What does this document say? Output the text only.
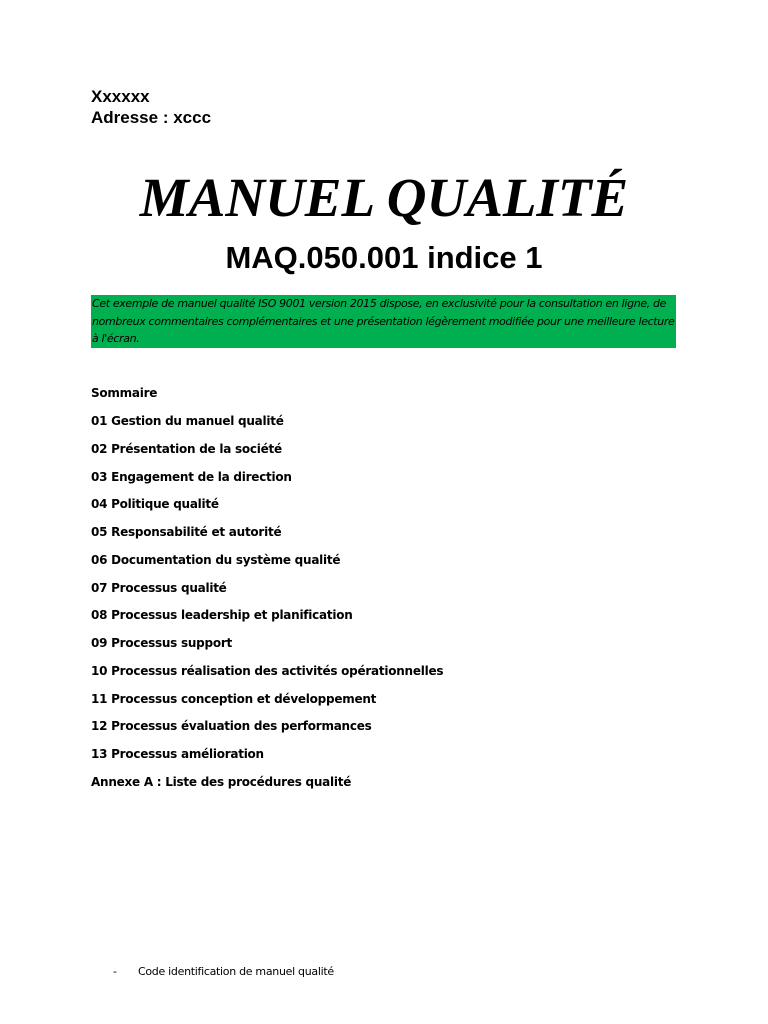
Xxxxxx
Adresse : xccc
MANUEL QUALITÉ
MAQ.050.001 indice 1
Cet exemple de manuel qualité ISO 9001 version 2015 dispose, en exclusivité pour la consultation en ligne, de nombreux commentaires complémentaires et une présentation légèrement modifiée pour une meilleure lecture à l'écran.
Sommaire
01 Gestion du manuel qualité
02 Présentation de la société
03 Engagement de la direction
04 Politique qualité
05 Responsabilité et autorité
06 Documentation du système qualité
07 Processus qualité
08 Processus leadership et planification
09 Processus support
10 Processus réalisation des activités opérationnelles
11 Processus conception et développement
12 Processus évaluation des performances
13 Processus amélioration
Annexe A : Liste des procédures qualité
- Code identification de manuel qualité
